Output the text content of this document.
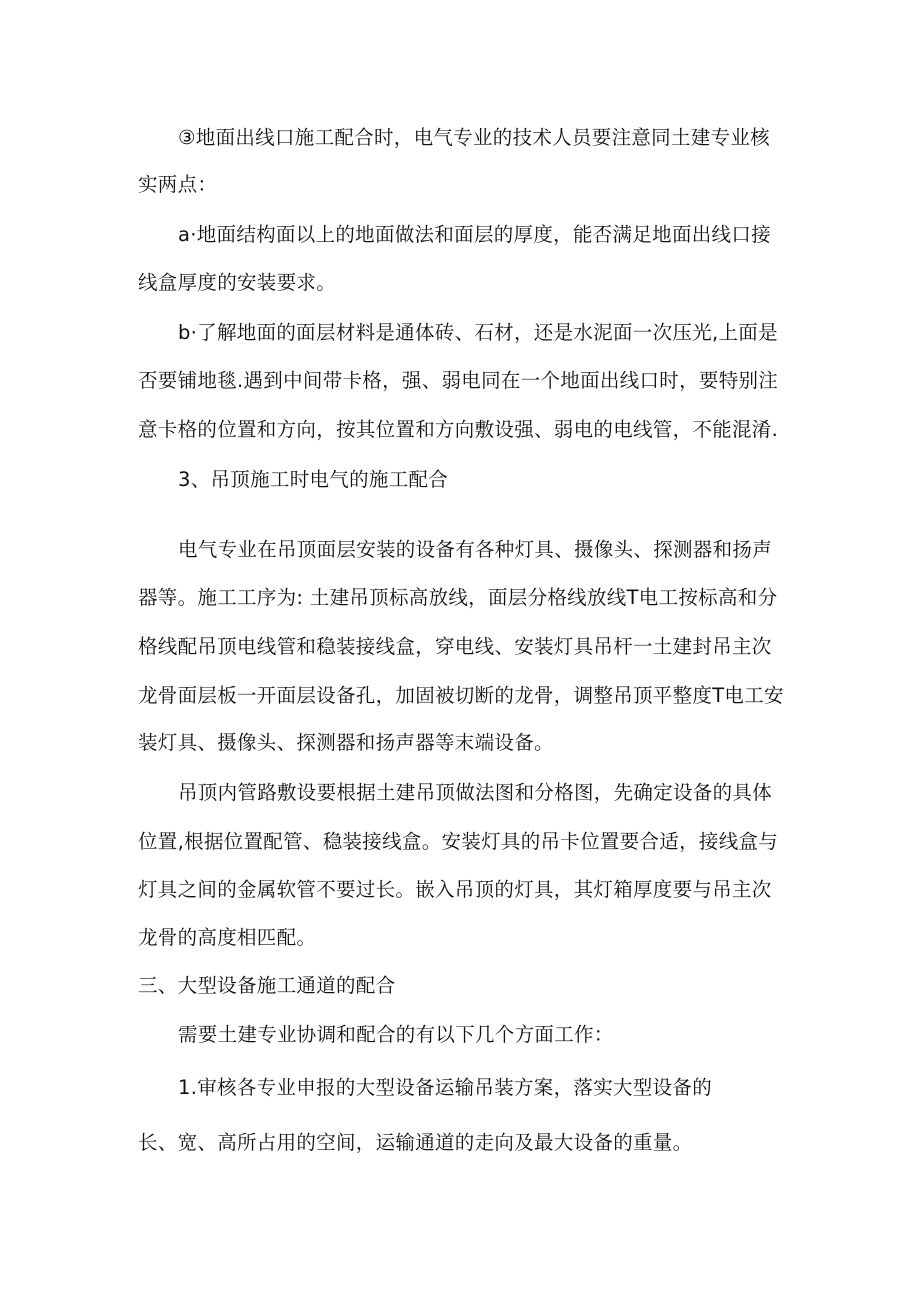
③地面出线口施工配合时，电气专业的技术人员要注意同土建专业核
实两点：
a·地面结构面以上的地面做法和面层的厚度，能否满足地面出线口接
线盒厚度的安装要求。
b·了解地面的面层材料是通体砖、石材，还是水泥面一次压光,上面是
否要铺地毯.遇到中间带卡格，强、弱电同在一个地面出线口时，要特别注
意卡格的位置和方向，按其位置和方向敷设强、弱电的电线管，不能混淆.
3、吊顶施工时电气的施工配合
电气专业在吊顶面层安装的设备有各种灯具、摄像头、探测器和扬声
器等。施工工序为: 土建吊顶标高放线，面层分格线放线T电工按标高和分
格线配吊顶电线管和稳装接线盒，穿电线、安装灯具吊杆一土建封吊主次
龙骨面层板一开面层设备孔，加固被切断的龙骨，调整吊顶平整度T电工安
装灯具、摄像头、探测器和扬声器等末端设备。
吊顶内管路敷设要根据土建吊顶做法图和分格图，先确定设备的具体
位置,根据位置配管、稳装接线盒。安装灯具的吊卡位置要合适，接线盒与
灯具之间的金属软管不要过长。嵌入吊顶的灯具，其灯箱厚度要与吊主次
龙骨的高度相匹配。
三、大型设备施工通道的配合
需要土建专业协调和配合的有以下几个方面工作：
1.审核各专业申报的大型设备运输吊装方案，落实大型设备的
长、宽、高所占用的空间，运输通道的走向及最大设备的重量。
